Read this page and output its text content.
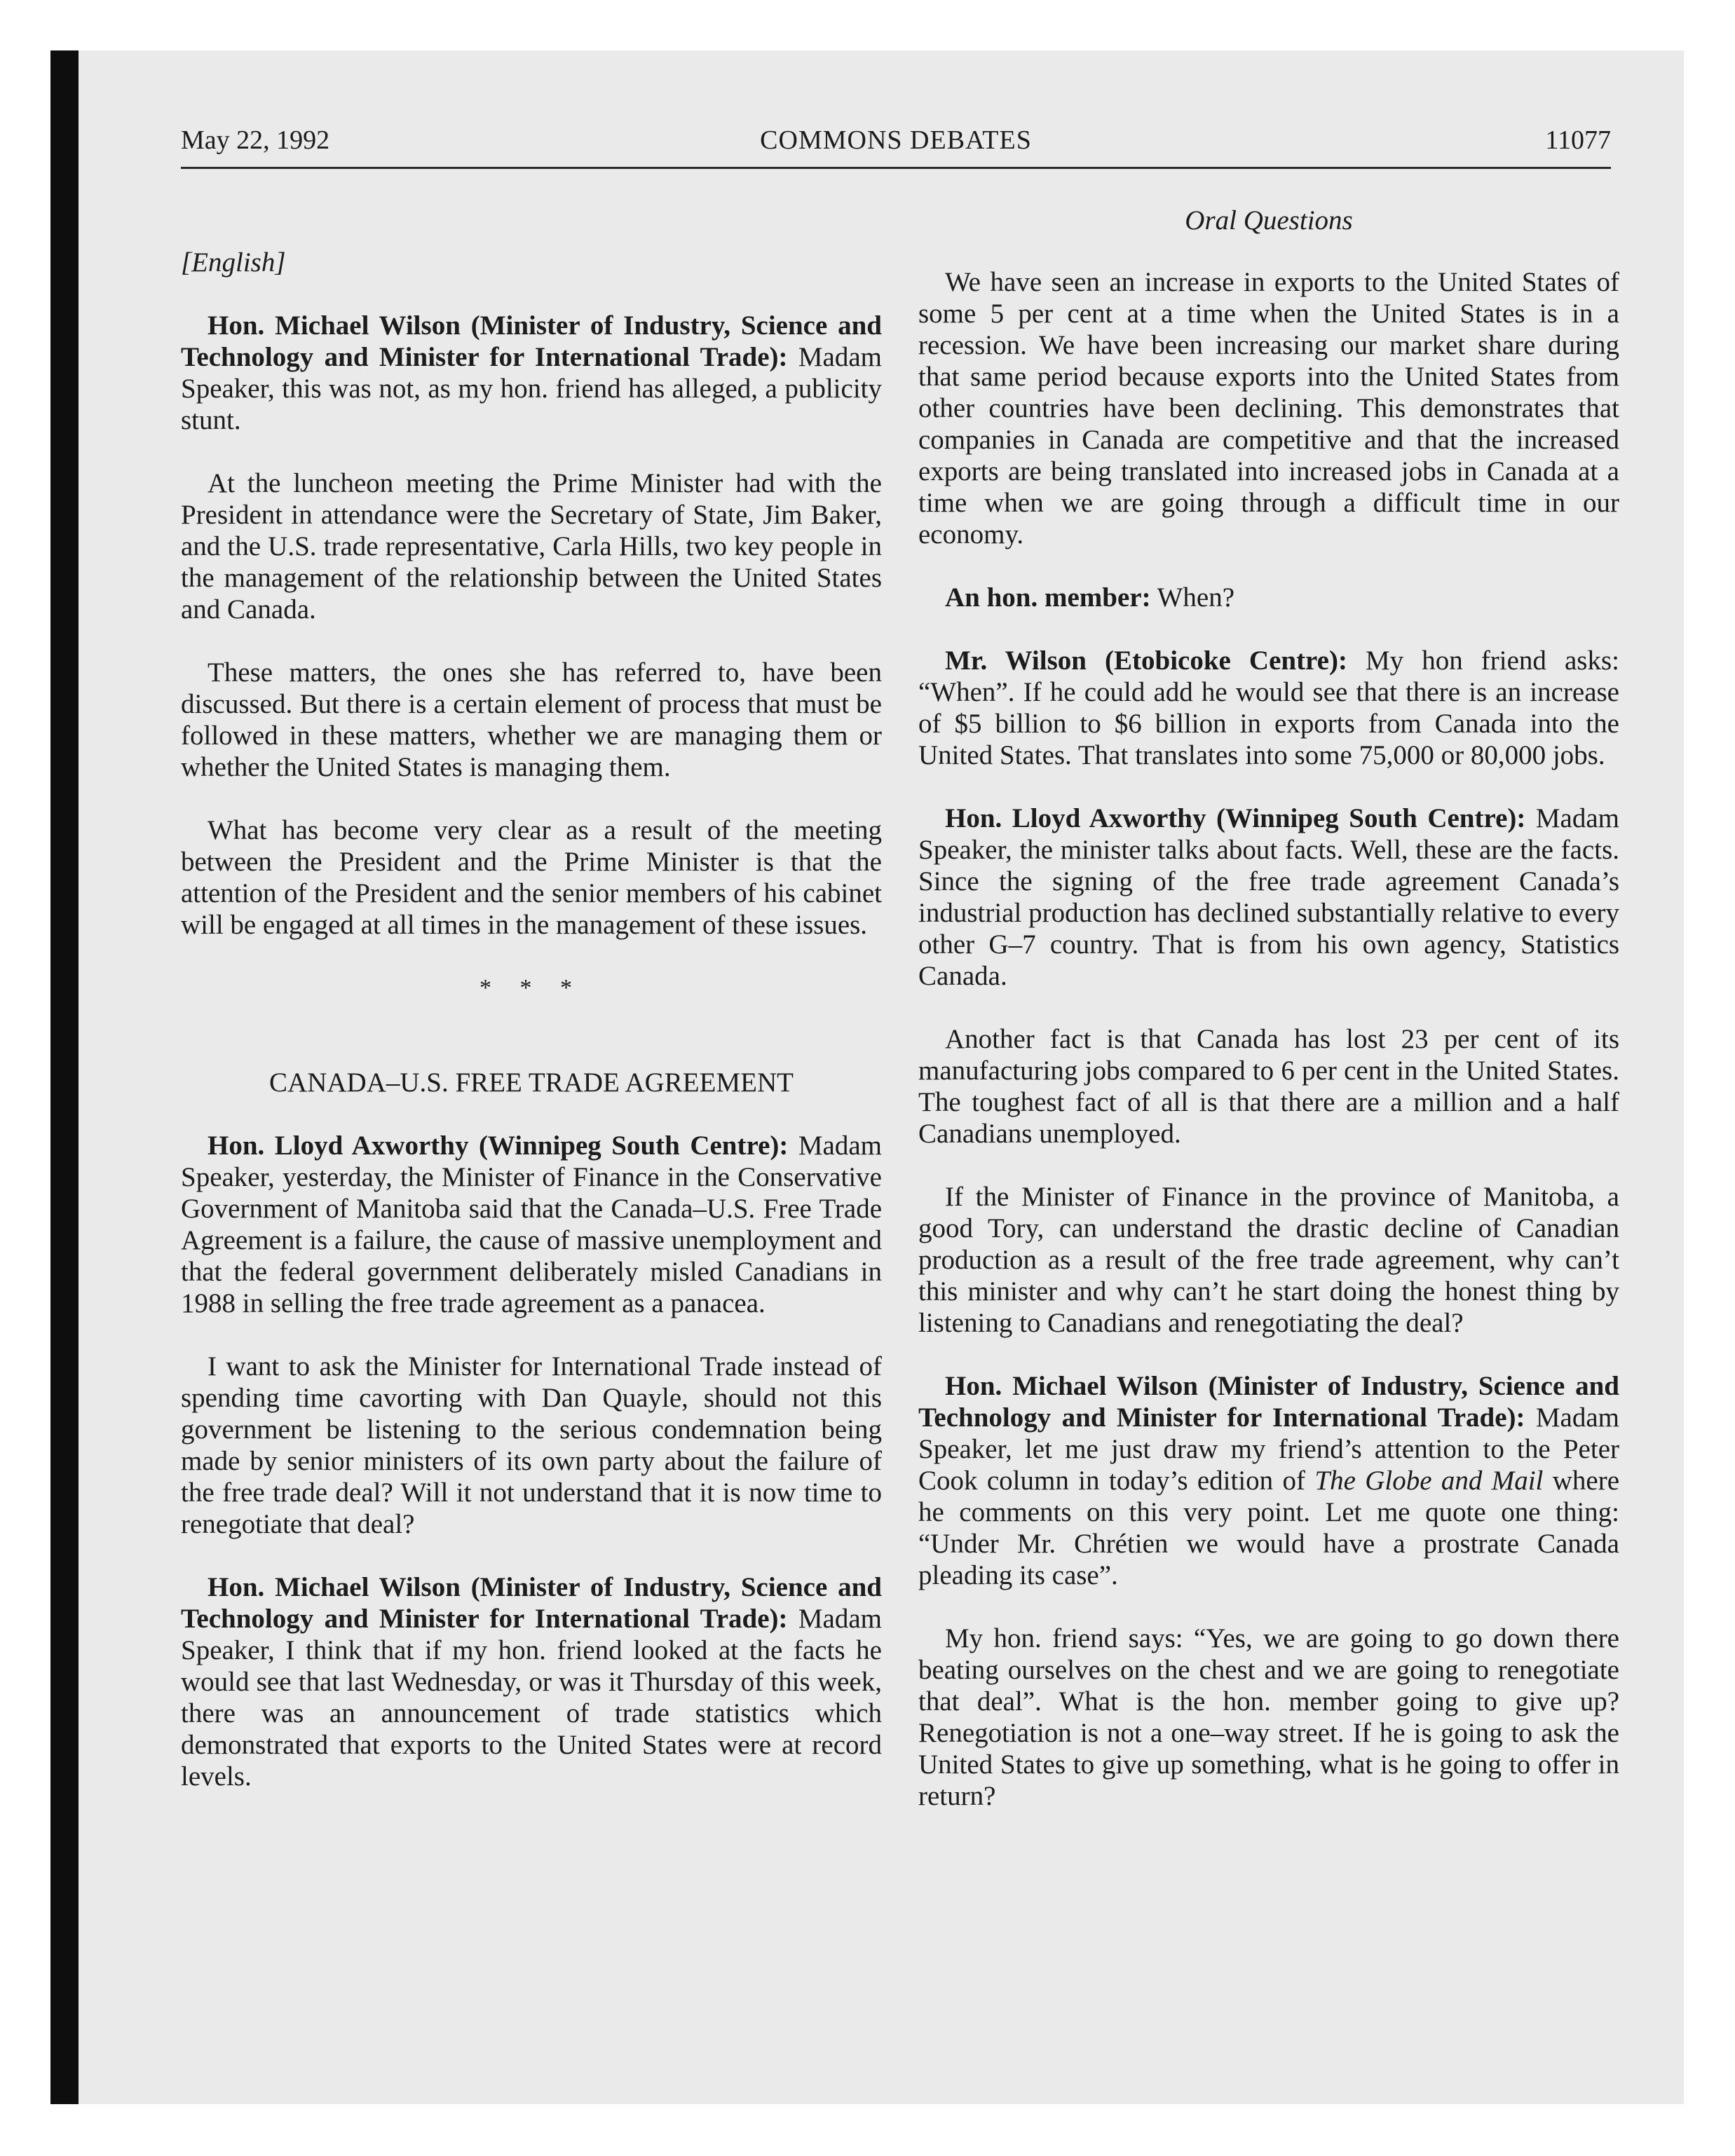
May 22, 1992	COMMONS DEBATES	11077
Oral Questions

[English]

Hon. Michael Wilson (Minister of Industry, Science and Technology and Minister for International Trade): Madam Speaker, this was not, as my hon. friend has alleged, a publicity stunt.

At the luncheon meeting the Prime Minister had with the President in attendance were the Secretary of State, Jim Baker, and the U.S. trade representative, Carla Hills, two key people in the management of the relationship between the United States and Canada.

These matters, the ones she has referred to, have been discussed. But there is a certain element of process that must be followed in these matters, whether we are managing them or whether the United States is managing them.

What has become very clear as a result of the meeting between the President and the Prime Minister is that the attention of the President and the senior members of his cabinet will be engaged at all times in the management of these issues.

* * *
CANADA–U.S. FREE TRADE AGREEMENT

Hon. Lloyd Axworthy (Winnipeg South Centre): Madam Speaker, yesterday, the Minister of Finance in the Conservative Government of Manitoba said that the Canada–U.S. Free Trade Agreement is a failure, the cause of massive unemployment and that the federal government deliberately misled Canadians in 1988 in selling the free trade agreement as a panacea.

I want to ask the Minister for International Trade instead of spending time cavorting with Dan Quayle, should not this government be listening to the serious condemnation being made by senior ministers of its own party about the failure of the free trade deal? Will it not understand that it is now time to renegotiate that deal?

Hon. Michael Wilson (Minister of Industry, Science and Technology and Minister for International Trade): Madam Speaker, I think that if my hon. friend looked at the facts he would see that last Wednesday, or was it Thursday of this week, there was an announcement of trade statistics which demonstrated that exports to the United States were at record levels.

We have seen an increase in exports to the United States of some 5 per cent at a time when the United States is in a recession. We have been increasing our market share during that same period because exports into the United States from other countries have been declining. This demonstrates that companies in Canada are competitive and that the increased exports are being translated into increased jobs in Canada at a time when we are going through a difficult time in our economy.

An hon. member: When?

Mr. Wilson (Etobicoke Centre): My hon friend asks: “When”. If he could add he would see that there is an increase of $5 billion to $6 billion in exports from Canada into the United States. That translates into some 75,000 or 80,000 jobs.

Hon. Lloyd Axworthy (Winnipeg South Centre): Madam Speaker, the minister talks about facts. Well, these are the facts. Since the signing of the free trade agreement Canada’s industrial production has declined substantially relative to every other G–7 country. That is from his own agency, Statistics Canada.

Another fact is that Canada has lost 23 per cent of its manufacturing jobs compared to 6 per cent in the United States. The toughest fact of all is that there are a million and a half Canadians unemployed.

If the Minister of Finance in the province of Manitoba, a good Tory, can understand the drastic decline of Canadian production as a result of the free trade agreement, why can’t this minister and why can’t he start doing the honest thing by listening to Canadians and renegotiating the deal?

Hon. Michael Wilson (Minister of Industry, Science and Technology and Minister for International Trade): Madam Speaker, let me just draw my friend’s attention to the Peter Cook column in today’s edition of The Globe and Mail where he comments on this very point. Let me quote one thing: “Under Mr. Chrétien we would have a prostrate Canada pleading its case”.

My hon. friend says: “Yes, we are going to go down there beating ourselves on the chest and we are going to renegotiate that deal”. What is the hon. member going to give up? Renegotiation is not a one–way street. If he is going to ask the United States to give up something, what is he going to offer in return?
